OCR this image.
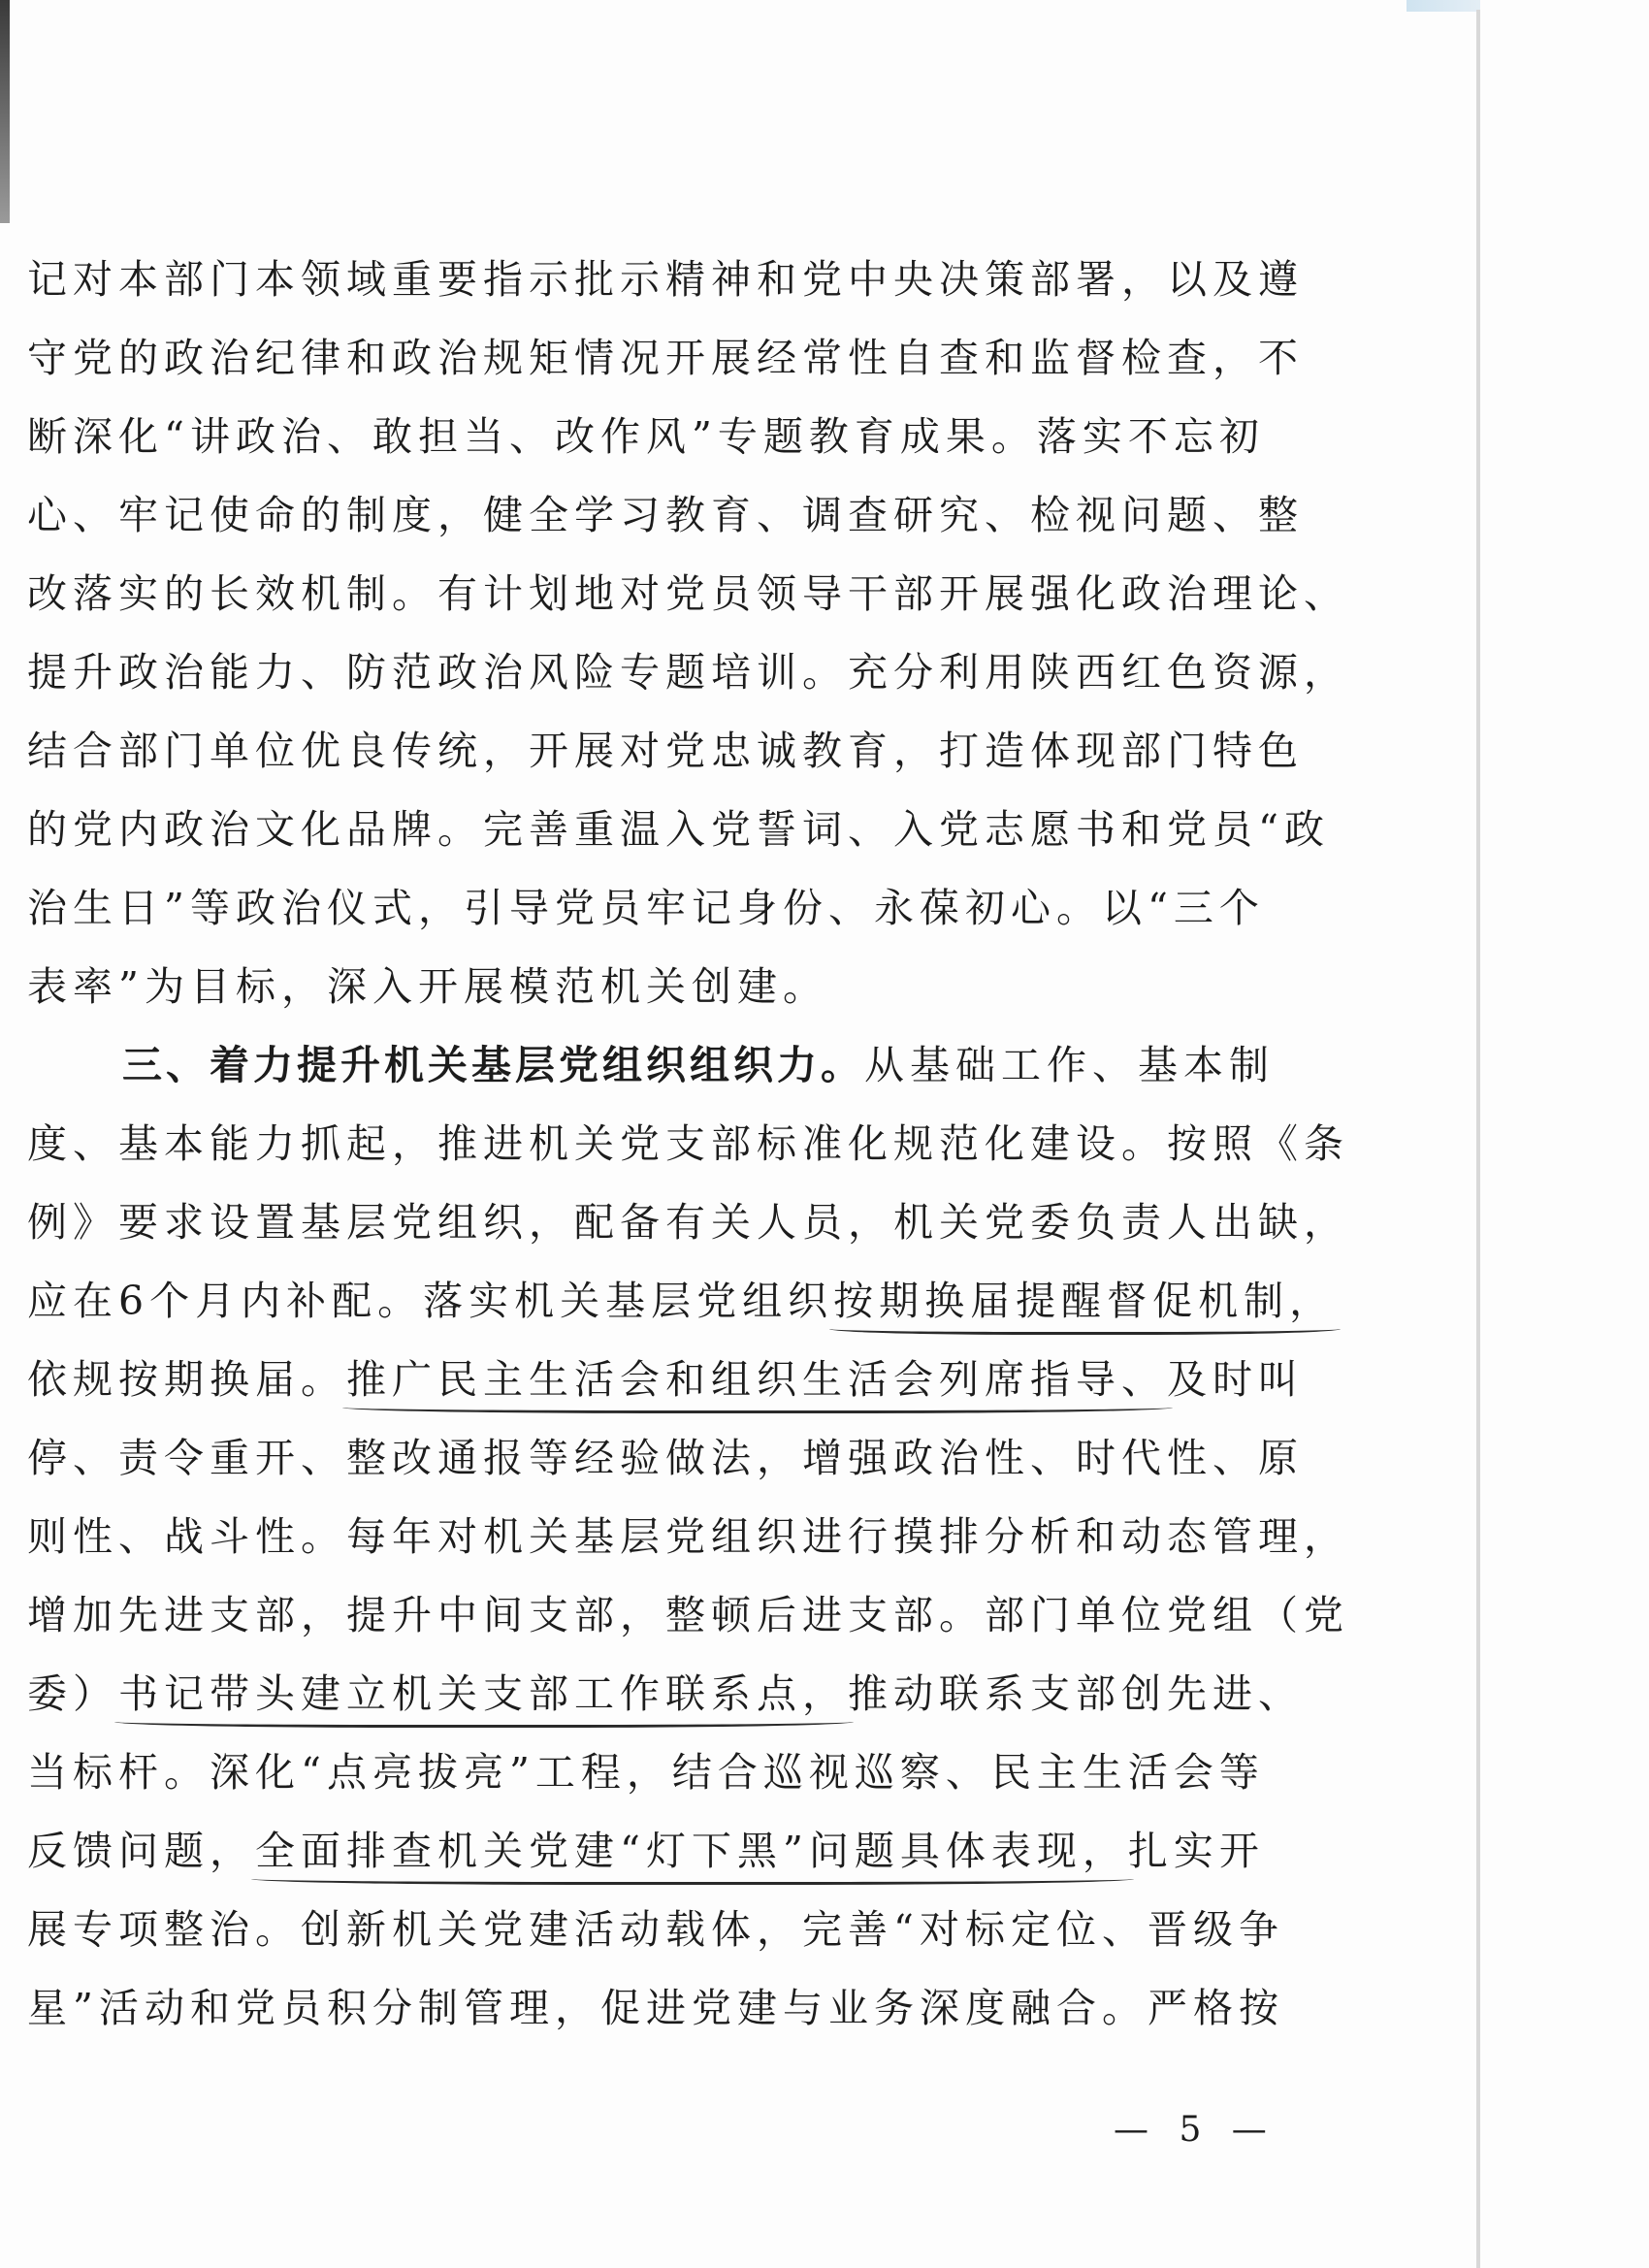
记对本部门本领域重要指示批示精神和党中央决策部署，以及遵
守党的政治纪律和政治规矩情况开展经常性自查和监督检查，不
断深化“讲政治、敢担当、改作风”专题教育成果。落实不忘初
心、牢记使命的制度，健全学习教育、调查研究、检视问题、整
改落实的长效机制。有计划地对党员领导干部开展强化政治理论、
提升政治能力、防范政治风险专题培训。充分利用陕西红色资源，
结合部门单位优良传统，开展对党忠诚教育，打造体现部门特色
的党内政治文化品牌。完善重温入党誓词、入党志愿书和党员“政
治生日”等政治仪式，引导党员牢记身份、永葆初心。以“三个
表率”为目标，深入开展模范机关创建。
三、着力提升机关基层党组织组织力。从基础工作、基本制
度、基本能力抓起，推进机关党支部标准化规范化建设。按照《条
例》要求设置基层党组织，配备有关人员，机关党委负责人出缺，
应在6个月内补配。落实机关基层党组织按期换届提醒督促机制，
依规按期换届。推广民主生活会和组织生活会列席指导、及时叫
停、责令重开、整改通报等经验做法，增强政治性、时代性、原
则性、战斗性。每年对机关基层党组织进行摸排分析和动态管理，
增加先进支部，提升中间支部，整顿后进支部。部门单位党组（党
委）书记带头建立机关支部工作联系点，推动联系支部创先进、
当标杆。深化“点亮拔亮”工程，结合巡视巡察、民主生活会等
反馈问题，全面排查机关党建“灯下黑”问题具体表现，扎实开
展专项整治。创新机关党建活动载体，完善“对标定位、晋级争
星”活动和党员积分制管理，促进党建与业务深度融合。严格按
— 5 —
